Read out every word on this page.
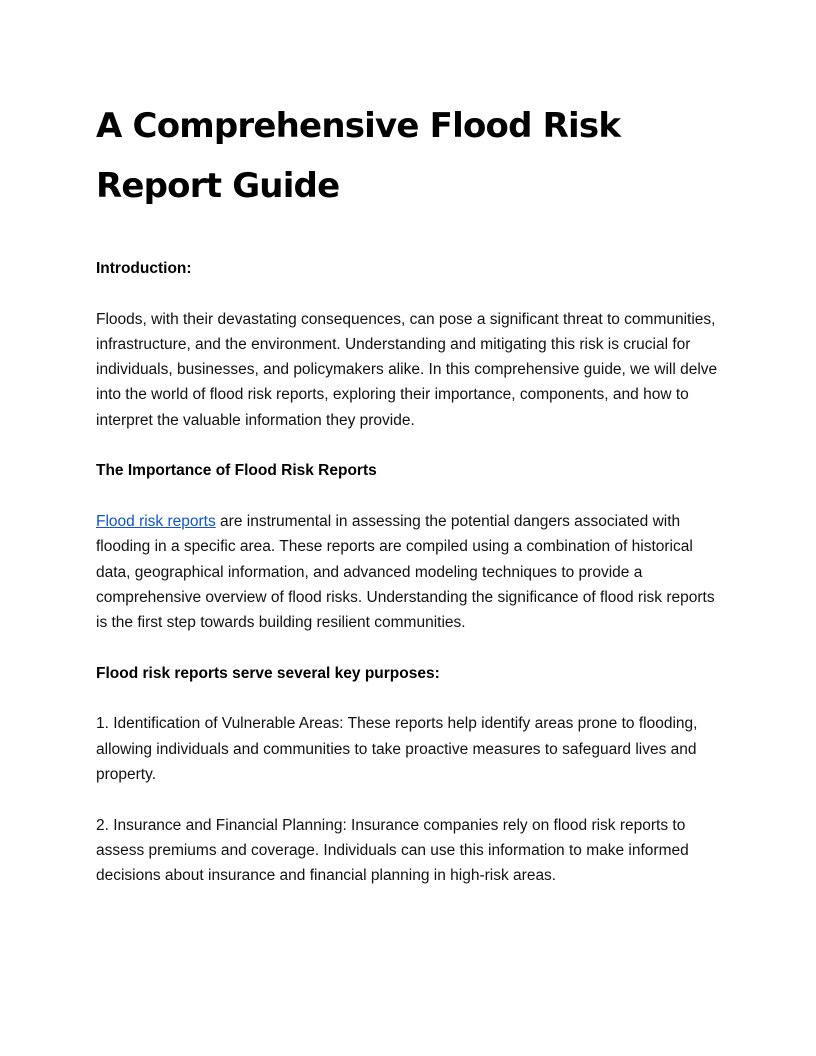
A Comprehensive Flood Risk Report Guide
Introduction:

Floods, with their devastating consequences, can pose a significant threat to communities, infrastructure, and the environment. Understanding and mitigating this risk is crucial for individuals, businesses, and policymakers alike. In this comprehensive guide, we will delve into the world of flood risk reports, exploring their importance, components, and how to interpret the valuable information they provide.

The Importance of Flood Risk Reports

Flood risk reports are instrumental in assessing the potential dangers associated with flooding in a specific area. These reports are compiled using a combination of historical data, geographical information, and advanced modeling techniques to provide a comprehensive overview of flood risks. Understanding the significance of flood risk reports is the first step towards building resilient communities.

Flood risk reports serve several key purposes:

1. Identification of Vulnerable Areas: These reports help identify areas prone to flooding, allowing individuals and communities to take proactive measures to safeguard lives and property.

2. Insurance and Financial Planning: Insurance companies rely on flood risk reports to assess premiums and coverage. Individuals can use this information to make informed decisions about insurance and financial planning in high-risk areas.
